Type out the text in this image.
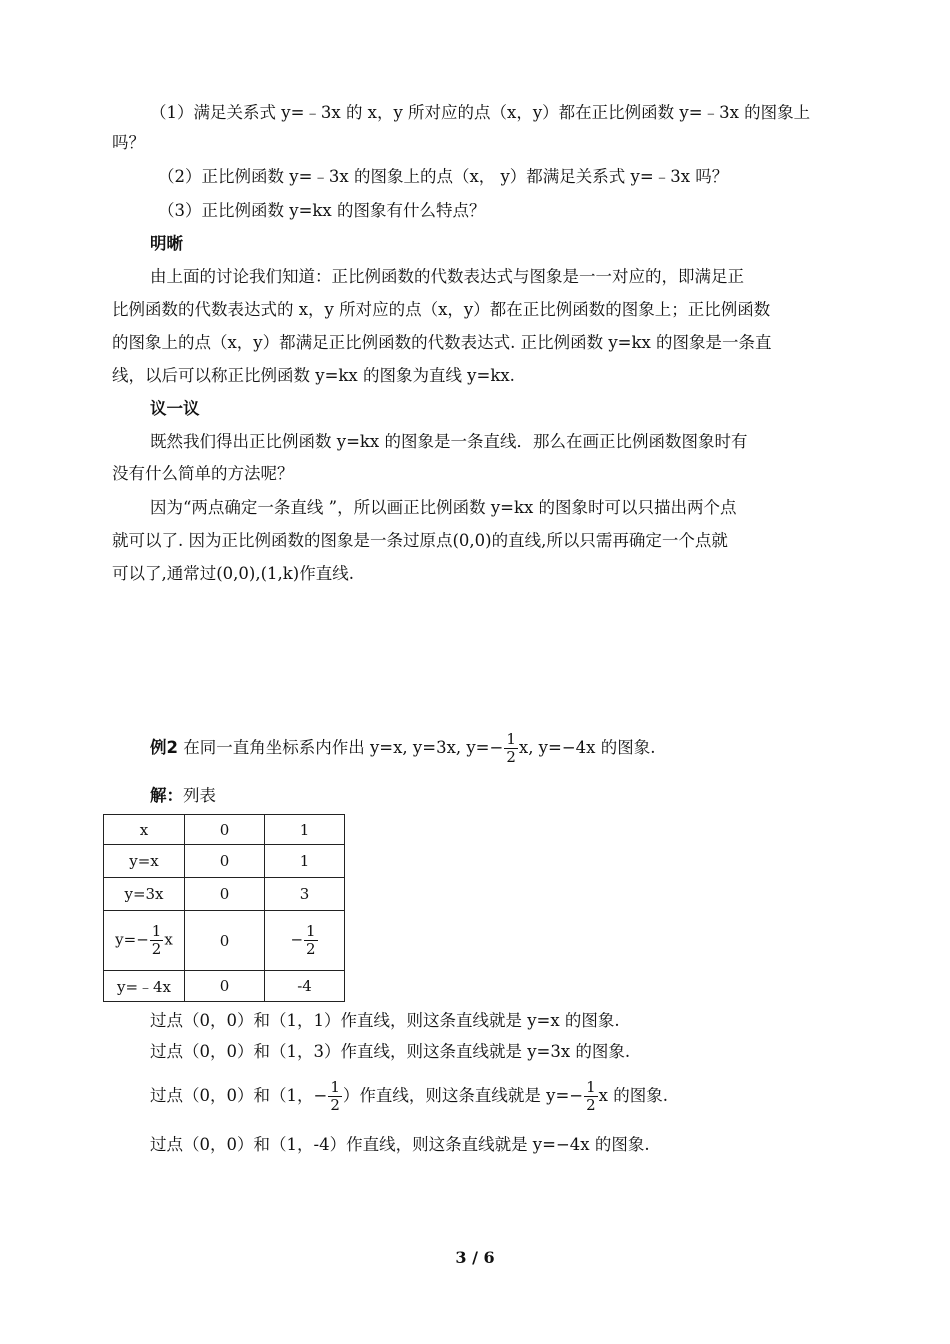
（1）满足关系式 y=﹣3x 的 x，y 所对应的点（x，y）都在正比例函数 y=﹣3x 的图象上
吗？
（2）正比例函数 y=﹣3x 的图象上的点（x， y）都满足关系式 y=﹣3x 吗？
（3）正比例函数 y=kx 的图象有什么特点？
明晰
由上面的讨论我们知道：正比例函数的代数表达式与图象是一一对应的，即满足正
比例函数的代数表达式的 x，y 所对应的点（x，y）都在正比例函数的图象上；正比例函数
的图象上的点（x，y）都满足正比例函数的代数表达式. 正比例函数 y=kx 的图象是一条直
线，以后可以称正比例函数 y=kx 的图象为直线 y=kx.
议一议
既然我们得出正比例函数 y=kx 的图象是一条直线．那么在画正比例函数图象时有
没有什么简单的方法呢？
因为“两点确定一条直线 ”，所以画正比例函数 y=kx 的图象时可以只描出两个点
就可以了. 因为正比例函数的图象是一条过原点(0,0)的直线,所以只需再确定一个点就
可以了,通常过(0,0),(1,k)作直线.
例2 在同一直角坐标系内作出 y=x, y=3x, $y=- \frac{1}{2} x$, y=−4x 的图象.
解：列表
x	0	1
y=x	0	1
y=3x	0	3
$y=- \frac{1}{2}$ x	0	− $\frac{1}{2}$

y=﹣4x	0	-4
过点（0，0）和（1，1）作直线，则这条直线就是 y=x 的图象.
过点（0，0）和（1，3）作直线，则这条直线就是 y=3x 的图象.
过点（0，0）和（1，− $\frac{1}{2}$ ）作直线，则这条直线就是 $y=- \frac{1}{2}$ x 的图象.
过点（0，0）和（1，-4）作直线，则这条直线就是 y=−4x 的图象.
3 / 6
